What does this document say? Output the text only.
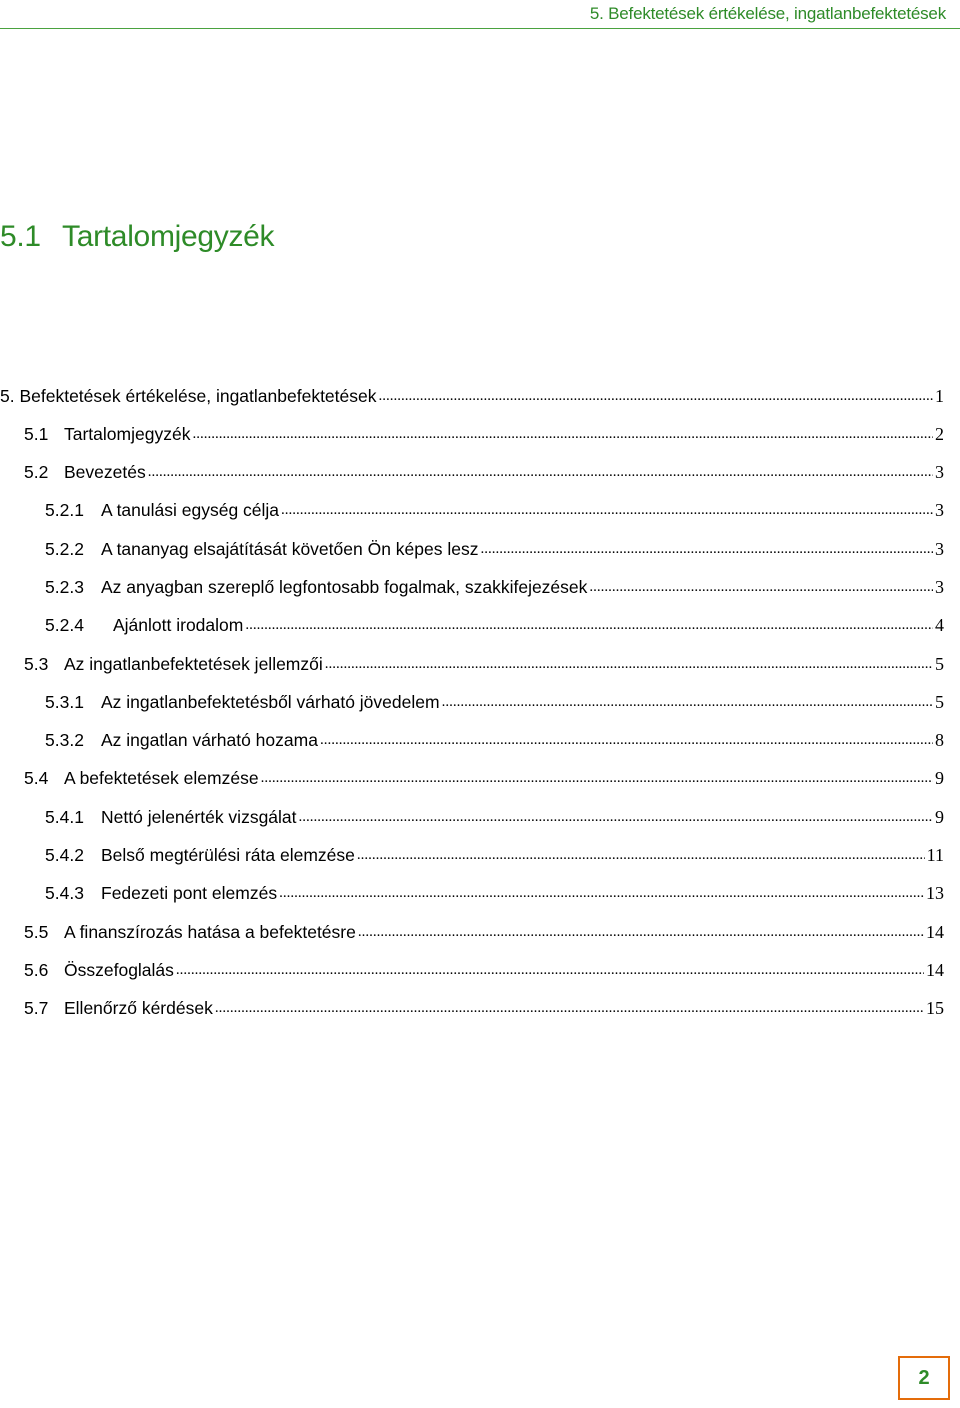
5. Befektetések értékelése, ingatlanbefektetések
5.1 Tartalomjegyzék
5. Befektetések értékelése, ingatlanbefektetések .....	1
5.1 Tartalomjegyzék .....	2
5.2 Bevezetés .....	3
5.2.1 A tanulási egység célja .....	3
5.2.2 A tananyag elsajátítását követően Ön képes lesz .....	3
5.2.3 Az anyagban szereplő legfontosabb fogalmak, szakkifejezések .....	3
5.2.4	Ajánlott irodalom .....	4
5.3 Az ingatlanbefektetések jellemzői .....	5
5.3.1 Az ingatlanbefektetésből várható jövedelem .....	5
5.3.2 Az ingatlan várható hozama .....	8
5.4 A befektetések elemzése .....	9
5.4.1 Nettó jelenérték vizsgálat .....	9
5.4.2 Belső megtérülési ráta elemzése .....	11
5.4.3 Fedezeti pont elemzés .....	13
5.5 A finanszírozás hatása a befektetésre .....	14
5.6 Összefoglalás .....	14
5.7 Ellenőrző kérdések .....	15
2
